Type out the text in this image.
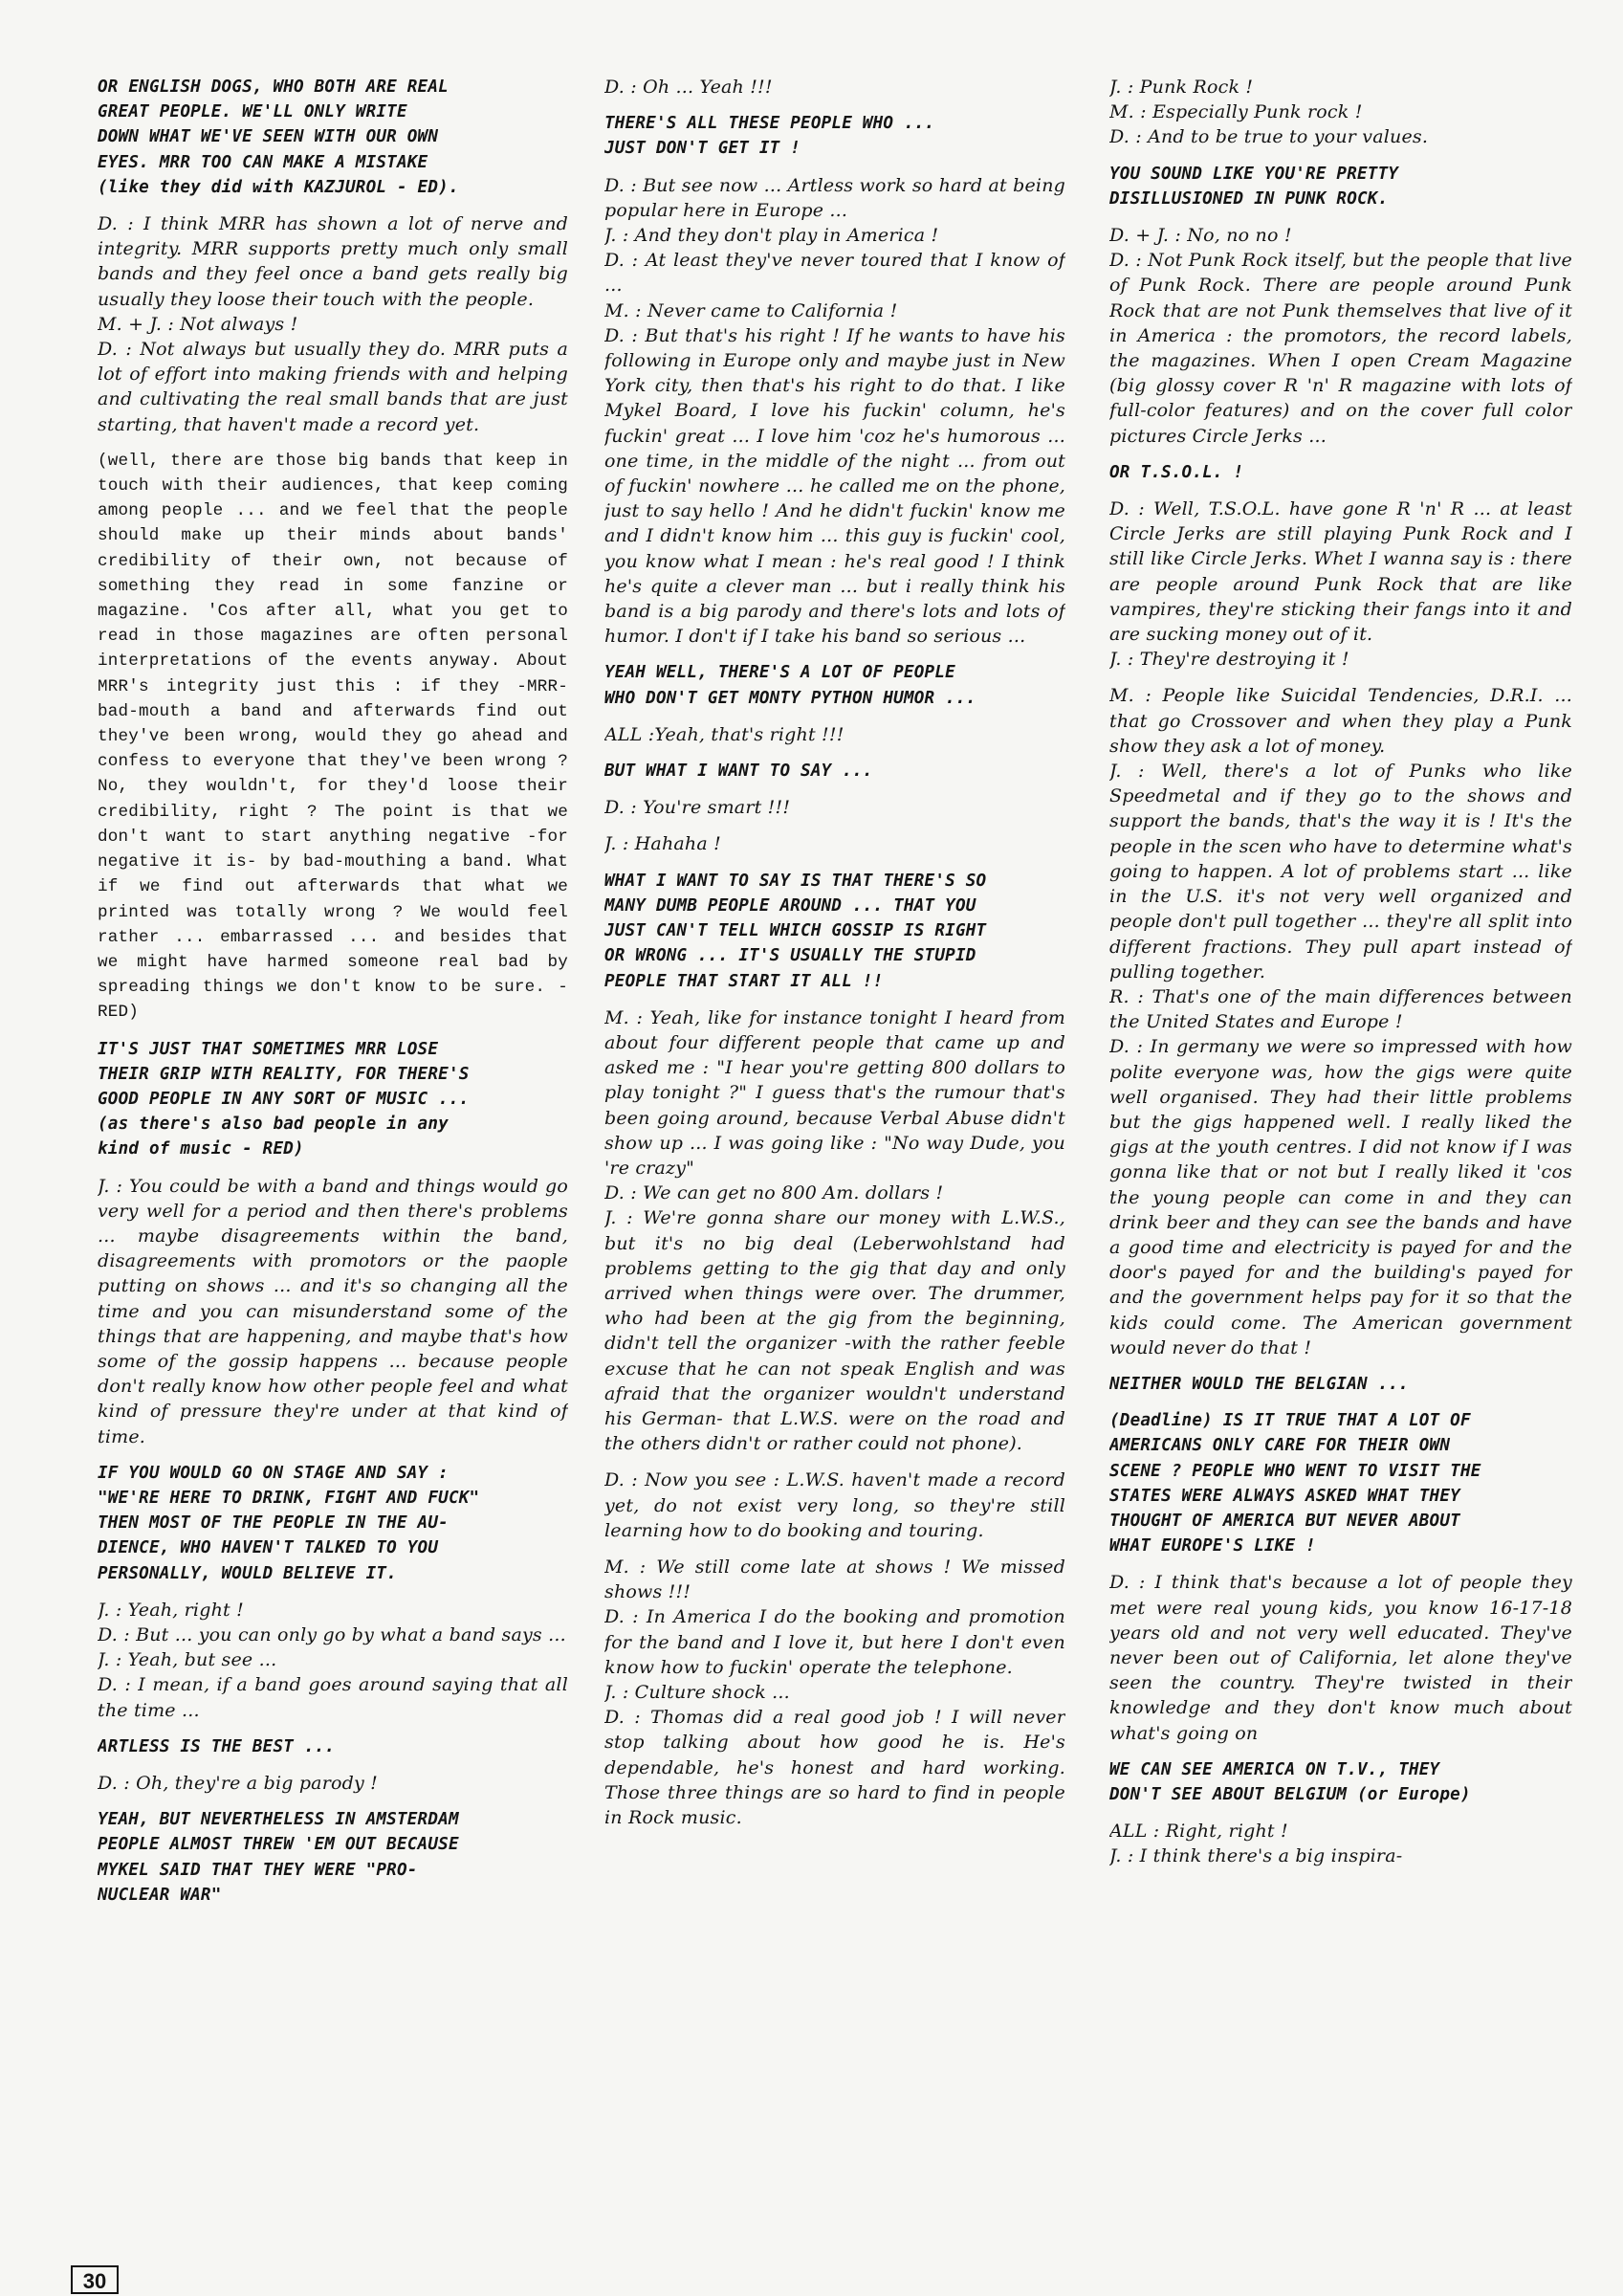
OR ENGLISH DOGS, WHO BOTH ARE REAL
GREAT PEOPLE. WE'LL ONLY WRITE
DOWN WHAT WE'VE SEEN WITH OUR OWN
EYES. MRR TOO CAN MAKE A MISTAKE
(like they did with KAZJUROL - ED).

D. : I think MRR has shown a lot of nerve and integrity. MRR supports pretty much only small bands and they feel once a band gets really big usually they loose their touch with the people.
M. + J. : Not always !
D. : Not always but usually they do. MRR puts a lot of effort into making friends with and helping and cultivating the real small bands that are just starting, that haven't made a record yet.

(well, there are those big bands that keep in touch with their audiences, that keep coming among people ... and we feel that the people should make up their minds about bands' credibility of their own, not because of something they read in some fanzine or magazine. 'Cos after all, what you get to read in those magazines are often personal interpretations of the events anyway. About MRR's integrity just this : if they -MRR- bad-mouth a band and afterwards find out they've been wrong, would they go ahead and confess to everyone that they've been wrong ? No, they wouldn't, for they'd loose their credibility, right ? The point is that we don't want to start anything negative -for negative it is- by bad-mouthing a band. What if we find out afterwards that what we printed was totally wrong ? We would feel rather ... embarrassed ... and besides that we might have harmed someone real bad by spreading things we don't know to be sure. - RED)

IT'S JUST THAT SOMETIMES MRR LOSE
THEIR GRIP WITH REALITY, FOR THERE'S
GOOD PEOPLE IN ANY SORT OF MUSIC ...
(as there's also bad people in any
kind of music - RED)

J. : You could be with a band and things would go very well for a period and then there's problems ... maybe disagreements within the band, disagreements with promotors or the paople putting on shows ... and it's so changing all the time and you can misunderstand some of the things that are happening, and maybe that's how some of the gossip happens ... because people don't really know how other people feel and what kind of pressure they're under at that kind of time.

IF YOU WOULD GO ON STAGE AND SAY :
"WE'RE HERE TO DRINK, FIGHT AND FUCK"
THEN MOST OF THE PEOPLE IN THE AU-
DIENCE, WHO HAVEN'T TALKED TO YOU
PERSONALLY, WOULD BELIEVE IT.

J. : Yeah, right !
D. : But ... you can only go by what a band says ...
J. : Yeah, but see ...
D. : I mean, if a band goes around saying that all the time ...

ARTLESS IS THE BEST ...

D. : Oh, they're a big parody !

YEAH, BUT NEVERTHELESS IN AMSTERDAM
PEOPLE ALMOST THREW 'EM OUT BECAUSE
MYKEL SAID THAT THEY WERE "PRO-
NUCLEAR WAR"

D. : Oh ... Yeah !!!

THERE'S ALL THESE PEOPLE WHO ...
JUST DON'T GET IT !

D. : But see now ... Artless work so hard at being popular here in Europe ...
J. : And they don't play in America !
D. : At least they've never toured that I know of ...
M. : Never came to California !
D. : But that's his right ! If he wants to have his following in Europe only and maybe just in New York city, then that's his right to do that. I like Mykel Board, I love his fuckin' column, he's fuckin' great ... I love him 'coz he's humorous ... one time, in the middle of the night ... from out of fuckin' nowhere ... he called me on the phone, just to say hello ! And he didn't fuckin' know me and I didn't know him ... this guy is fuckin' cool, you know what I mean : he's real good ! I think he's quite a clever man ... but i really think his band is a big parody and there's lots and lots of humor. I don't if I take his band so serious ...

YEAH WELL, THERE'S A LOT OF PEOPLE
WHO DON'T GET MONTY PYTHON HUMOR ...

ALL :Yeah, that's right !!!

BUT WHAT I WANT TO SAY ...

D. : You're smart !!!

J. : Hahaha !

WHAT I WANT TO SAY IS THAT THERE'S SO
MANY DUMB PEOPLE AROUND ... THAT YOU
JUST CAN'T TELL WHICH GOSSIP IS RIGHT
OR WRONG ... IT'S USUALLY THE STUPID
PEOPLE THAT START IT ALL !!

M. : Yeah, like for instance tonight I heard from about four different people that came up and asked me : "I hear you're getting 800 dollars to play tonight ?" I guess that's the rumour that's been going around, because Verbal Abuse didn't show up ... I was going like : "No way Dude, you 're crazy"
D. : We can get no 800 Am. dollars !
J. : We're gonna share our money with L.W.S., but it's no big deal (Leberwohlstand had problems getting to the gig that day and only arrived when things were over. The drummer, who had been at the gig from the beginning, didn't tell the organizer -with the rather feeble excuse that he can not speak English and was afraid that the organizer wouldn't understand his German- that L.W.S. were on the road and the others didn't or rather could not phone).

D. : Now you see : L.W.S. haven't made a record yet, do not exist very long, so they're still learning how to do booking and touring.

M. : We still come late at shows ! We missed shows !!!
D. : In America I do the booking and promotion for the band and I love it, but here I don't even know how to fuckin' operate the telephone.
J. : Culture shock ...
D. : Thomas did a real good job ! I will never stop talking about how good he is. He's dependable, he's honest and hard working. Those three things are so hard to find in people in Rock music.

J. : Punk Rock !
M. : Especially Punk rock !
D. : And to be true to your values.

YOU SOUND LIKE YOU'RE PRETTY
DISILLUSIONED IN PUNK ROCK.

D. + J. : No, no no !
D. : Not Punk Rock itself, but the people that live of Punk Rock. There are people around Punk Rock that are not Punk themselves that live of it in America : the promotors, the record labels, the magazines. When I open Cream Magazine (big glossy cover R 'n' R magazine with lots of full-color features) and on the cover full color pictures Circle Jerks ...

OR T.S.O.L. !

D. : Well, T.S.O.L. have gone R 'n' R ... at least Circle Jerks are still playing Punk Rock and I still like Circle Jerks. Whet I wanna say is : there are people around Punk Rock that are like vampires, they're sticking their fangs into it and are sucking money out of it.
J. : They're destroying it !

M. : People like Suicidal Tendencies, D.R.I. ... that go Crossover and when they play a Punk show they ask a lot of money.
J. : Well, there's a lot of Punks who like Speedmetal and if they go to the shows and support the bands, that's the way it is ! It's the people in the scen who have to determine what's going to happen. A lot of problems start ... like in the U.S. it's not very well organized and people don't pull together ... they're all split into different fractions. They pull apart instead of pulling together.
R. : That's one of the main differences between the United States and Europe !
D. : In germany we were so impressed with how polite everyone was, how the gigs were quite well organised. They had their little problems but the gigs happened well. I really liked the gigs at the youth centres. I did not know if I was gonna like that or not but I really liked it 'cos the young people can come in and they can drink beer and they can see the bands and have a good time and electricity is payed for and the door's payed for and the building's payed for and the government helps pay for it so that the kids could come. The American government would never do that !

NEITHER WOULD THE BELGIAN ...

(Deadline) IS IT TRUE THAT A LOT OF
AMERICANS ONLY CARE FOR THEIR OWN
SCENE ? PEOPLE WHO WENT TO VISIT THE
STATES WERE ALWAYS ASKED WHAT THEY
THOUGHT OF AMERICA BUT NEVER ABOUT
WHAT EUROPE'S LIKE !

D. : I think that's because a lot of people they met were real young kids, you know 16-17-18 years old and not very well educated. They've never been out of California, let alone they've seen the country. They're twisted in their knowledge and they don't know much about what's going on

WE CAN SEE AMERICA ON T.V., THEY
DON'T SEE ABOUT BELGIUM (or Europe)

ALL : Right, right !
J. : I think there's a big inspira-

30
